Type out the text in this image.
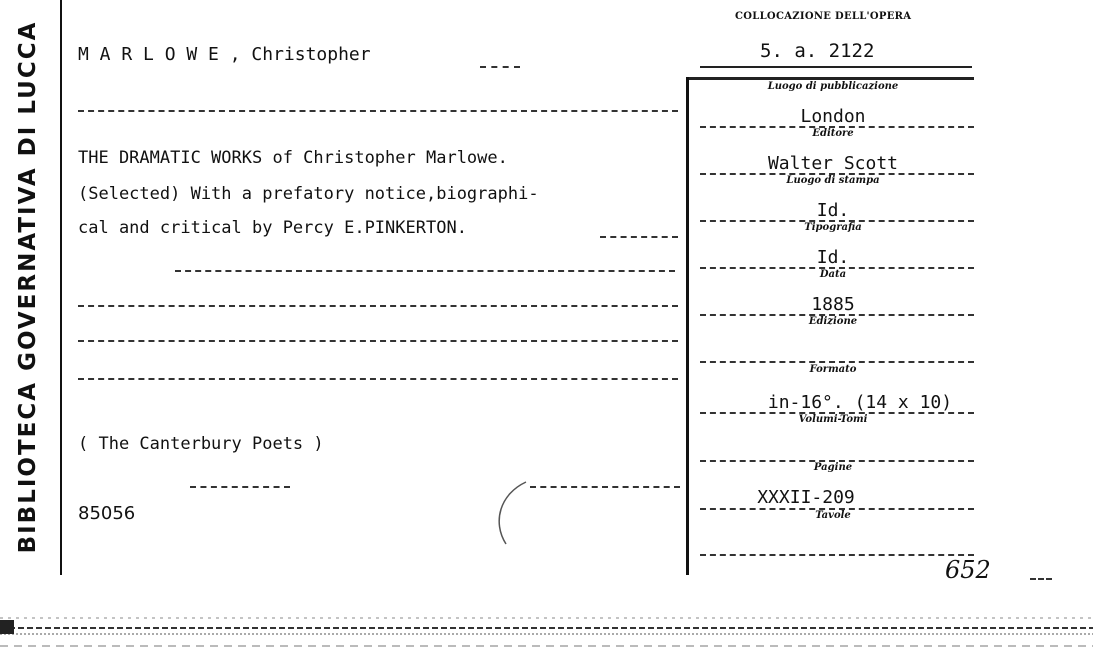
BIBLIOTECA GOVERNATIVA DI LUCCA
COLLOCAZIONE DELL'OPERA
5. a. 2122
M A R L O W E , Christopher
THE DRAMATIC WORKS of Christopher Marlowe.
(Selected) With a prefatory notice,biographi-
cal and critical by Percy E.PINKERTON.
( The Canterbury Poets )
85056
Luogo di pubblicazione
London
Editore
Walter Scott
Luogo di stampa
Id.
Tipografia
Id.
Data
1885
Edizione
Formato
in-16°. (14 x 10)
Volumi-Tomi
Pagine
XXXII-209
Tavole
652
